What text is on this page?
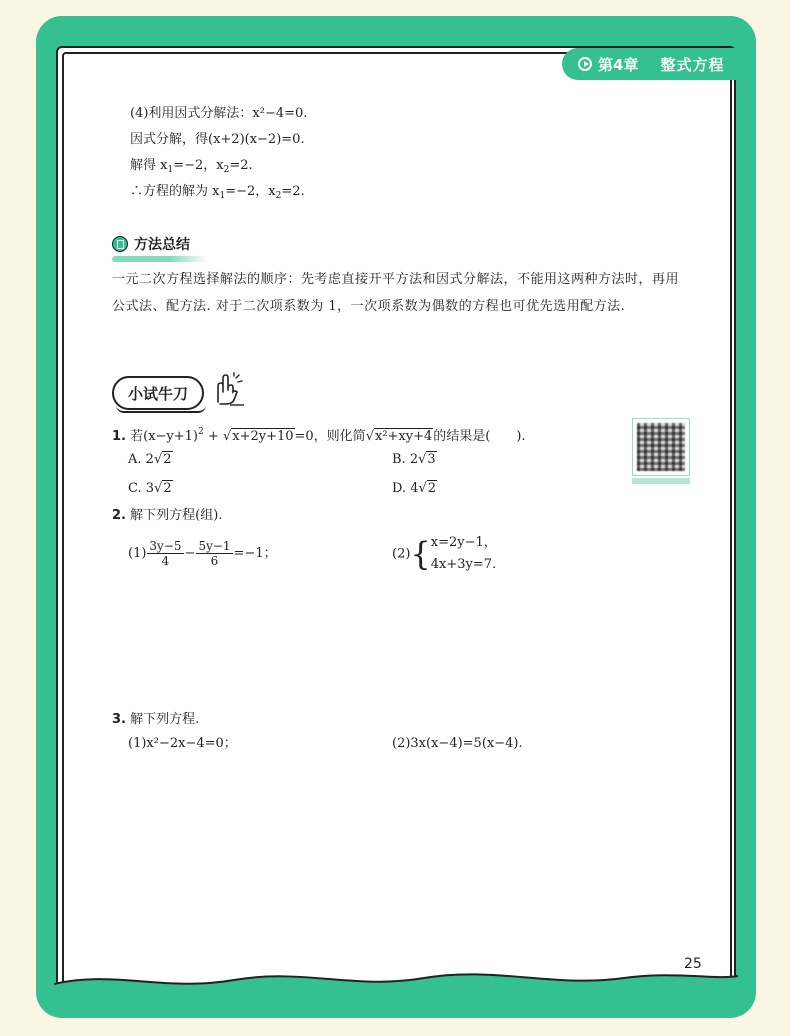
第4章 整式方程
(4)利用因式分解法：x²−4=0.
因式分解，得(x+2)(x−2)=0.
解得 $x_1=-2$，$x_2=2$.
∴方程的解为 $x_1=-2$，$x_2=2$.
方法总结
一元二次方程选择解法的顺序：先考虑直接开平方法和因式分解法，不能用这两种方法时，再用公式法、配方法. 对于二次项系数为 1，一次项系数为偶数的方程也可优先选用配方法.
小试牛刀
1. 若$(x-y+1)^2 + √x+2y+10=0$，则化简√x²+xy+4的结果是(　　).
A. 2√2	B. 2√3
C. 3√2	D. 4√2
2. 解下列方程(组).
$(1) \frac{3y-5}{4} - \frac{5y-1}{6} =-1$；	(2){ x=2y−1，
4x+3y=7.
3. 解下列方程.
(1)x²−2x−4=0；	(2)3x(x−4)=5(x−4).
25
